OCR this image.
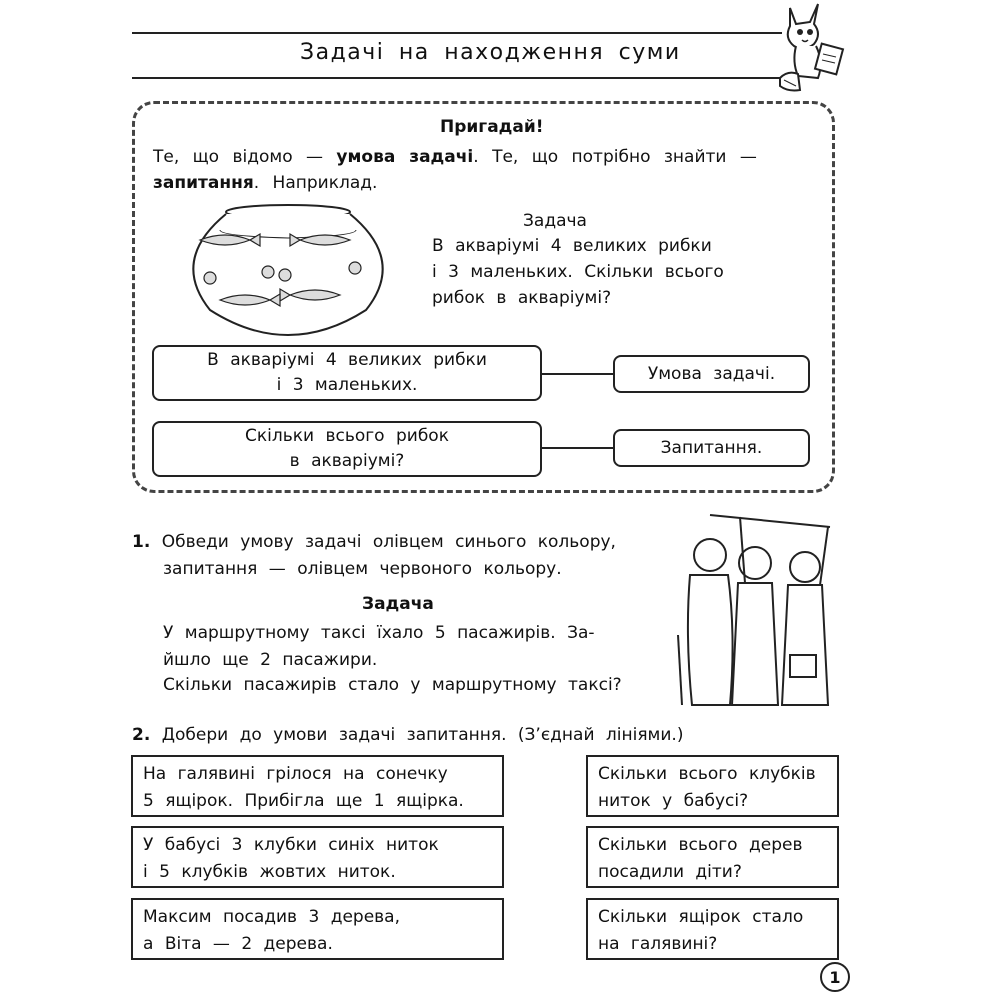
Задачі на находження суми
Пригадай!
Те, що відомо — умова задачі. Те, що потрібно знайти —
запитання. Наприклад.
Задача
В акваріумі 4 великих рибки
і 3 маленьких. Скільки всього
рибок в акваріумі?
В акваріумі 4 великих рибки
і 3 маленьких.
Умова задачі.
Скільки всього рибок
в акваріумі?
Запитання.
1. Обведи умову задачі олівцем синього кольору,
запитання — олівцем червоного кольору.
Задача
У маршрутному таксі їхало 5 пасажирів. За-
йшло ще 2 пасажири.
Скільки пасажирів стало у маршрутному таксі?
2. Добери до умови задачі запитання. (З’єднай лініями.)
На галявині грілося на сонечку
5 ящірок. Прибігла ще 1 ящірка.
У бабусі 3 клубки синіх ниток
і 5 клубків жовтих ниток.
Максим посадив 3 дерева,
а Віта — 2 дерева.
Скільки всього клубків
ниток у бабусі?
Скільки всього дерев
посадили діти?
Скільки ящірок стало
на галявині?
1
